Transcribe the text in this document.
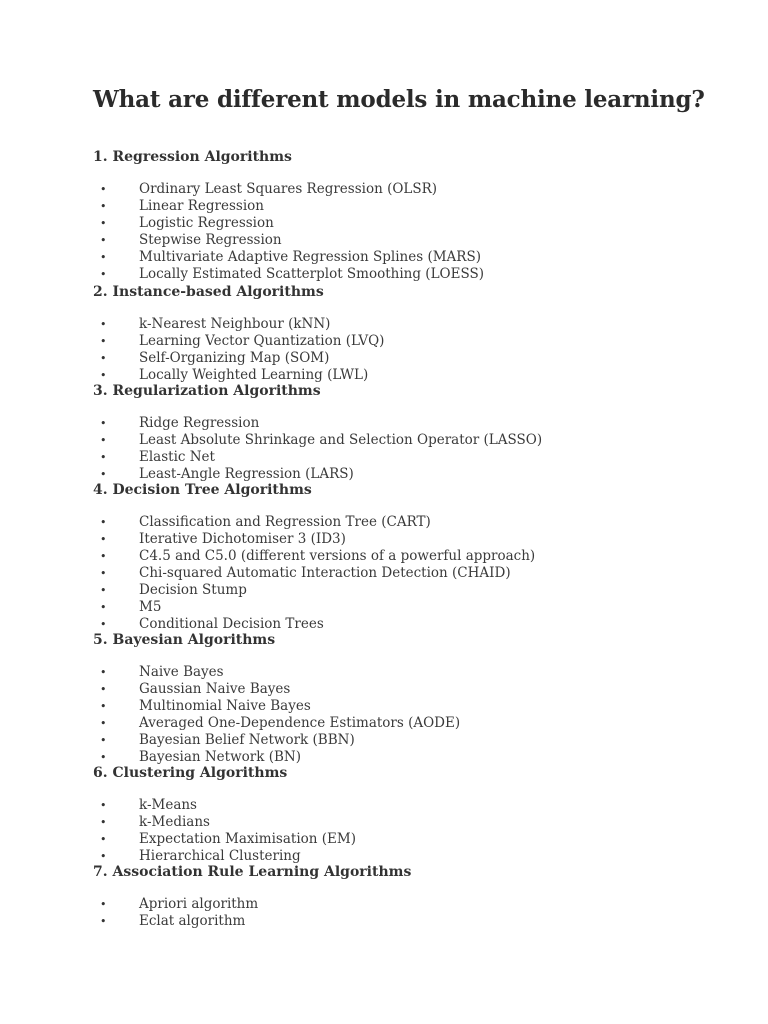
What are different models in machine learning?
1. Regression Algorithms
• Ordinary Least Squares Regression (OLSR)
• Linear Regression
• Logistic Regression
• Stepwise Regression
• Multivariate Adaptive Regression Splines (MARS)
• Locally Estimated Scatterplot Smoothing (LOESS)
2. Instance-based Algorithms
• k-Nearest Neighbour (kNN)
• Learning Vector Quantization (LVQ)
• Self-Organizing Map (SOM)
• Locally Weighted Learning (LWL)
3. Regularization Algorithms
• Ridge Regression
• Least Absolute Shrinkage and Selection Operator (LASSO)
• Elastic Net
• Least-Angle Regression (LARS)
4. Decision Tree Algorithms
• Classification and Regression Tree (CART)
• Iterative Dichotomiser 3 (ID3)
• C4.5 and C5.0 (different versions of a powerful approach)
• Chi-squared Automatic Interaction Detection (CHAID)
• Decision Stump
• M5
• Conditional Decision Trees
5. Bayesian Algorithms
• Naive Bayes
• Gaussian Naive Bayes
• Multinomial Naive Bayes
• Averaged One-Dependence Estimators (AODE)
• Bayesian Belief Network (BBN)
• Bayesian Network (BN)
6. Clustering Algorithms
• k-Means
• k-Medians
• Expectation Maximisation (EM)
• Hierarchical Clustering
7. Association Rule Learning Algorithms
• Apriori algorithm
• Eclat algorithm
